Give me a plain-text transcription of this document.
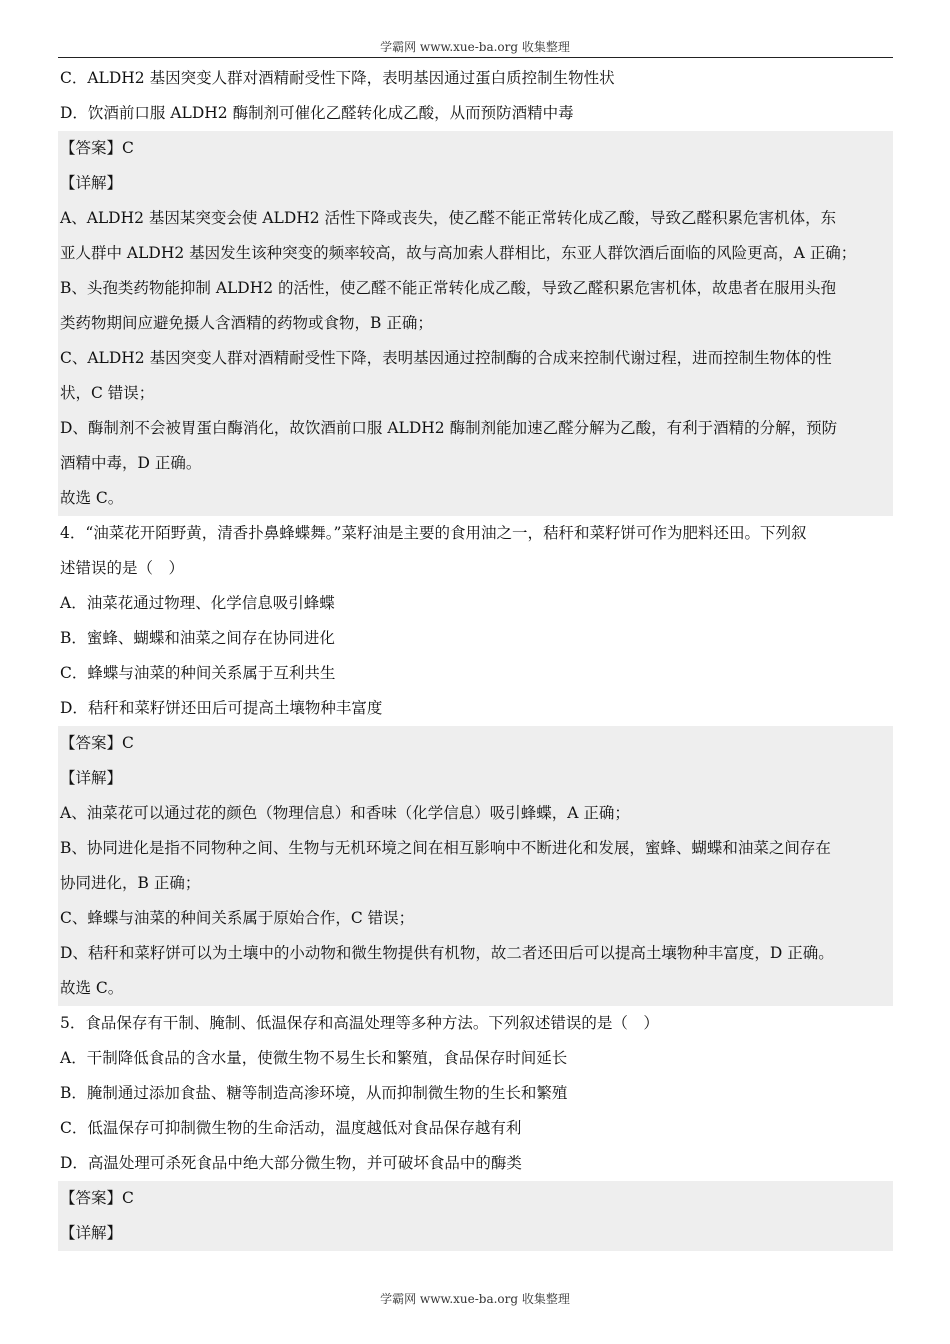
学霸网 www.xue-ba.org 收集整理
C．ALDH2 基因突变人群对酒精耐受性下降，表明基因通过蛋白质控制生物性状
D．饮酒前口服 ALDH2 酶制剂可催化乙醛转化成乙酸，从而预防酒精中毒
【答案】C
【详解】
A、ALDH2 基因某突变会使 ALDH2 活性下降或丧失，使乙醛不能正常转化成乙酸，导致乙醛积累危害机体，东
亚人群中 ALDH2 基因发生该种突变的频率较高，故与高加索人群相比，东亚人群饮酒后面临的风险更高，A 正确；
B、头孢类药物能抑制 ALDH2 的活性，使乙醛不能正常转化成乙酸，导致乙醛积累危害机体，故患者在服用头孢
类药物期间应避免摄人含酒精的药物或食物，B 正确；
C、ALDH2 基因突变人群对酒精耐受性下降，表明基因通过控制酶的合成来控制代谢过程，进而控制生物体的性
状，C 错误；
D、酶制剂不会被胃蛋白酶消化，故饮酒前口服 ALDH2 酶制剂能加速乙醛分解为乙酸，有利于酒精的分解，预防
酒精中毒，D 正确。
故选 C。
4．“油菜花开陌野黄，清香扑鼻蜂蝶舞。”菜籽油是主要的食用油之一，秸秆和菜籽饼可作为肥料还田。下列叙
述错误的是（　）
A．油菜花通过物理、化学信息吸引蜂蝶
B．蜜蜂、蝴蝶和油菜之间存在协同进化
C．蜂蝶与油菜的种间关系属于互利共生
D．秸秆和菜籽饼还田后可提高土壤物种丰富度
【答案】C
【详解】
A、油菜花可以通过花的颜色（物理信息）和香味（化学信息）吸引蜂蝶，A 正确；
B、协同进化是指不同物种之间、生物与无机环境之间在相互影响中不断进化和发展，蜜蜂、蝴蝶和油菜之间存在
协同进化，B 正确；
C、蜂蝶与油菜的种间关系属于原始合作，C 错误；
D、秸秆和菜籽饼可以为土壤中的小动物和微生物提供有机物，故二者还田后可以提高土壤物种丰富度，D 正确。
故选 C。
5．食品保存有干制、腌制、低温保存和高温处理等多种方法。下列叙述错误的是（　）
A．干制降低食品的含水量，使微生物不易生长和繁殖，食品保存时间延长
B．腌制通过添加食盐、糖等制造高渗环境，从而抑制微生物的生长和繁殖
C．低温保存可抑制微生物的生命活动，温度越低对食品保存越有利
D．高温处理可杀死食品中绝大部分微生物，并可破坏食品中的酶类
【答案】C
【详解】
学霸网 www.xue-ba.org 收集整理
